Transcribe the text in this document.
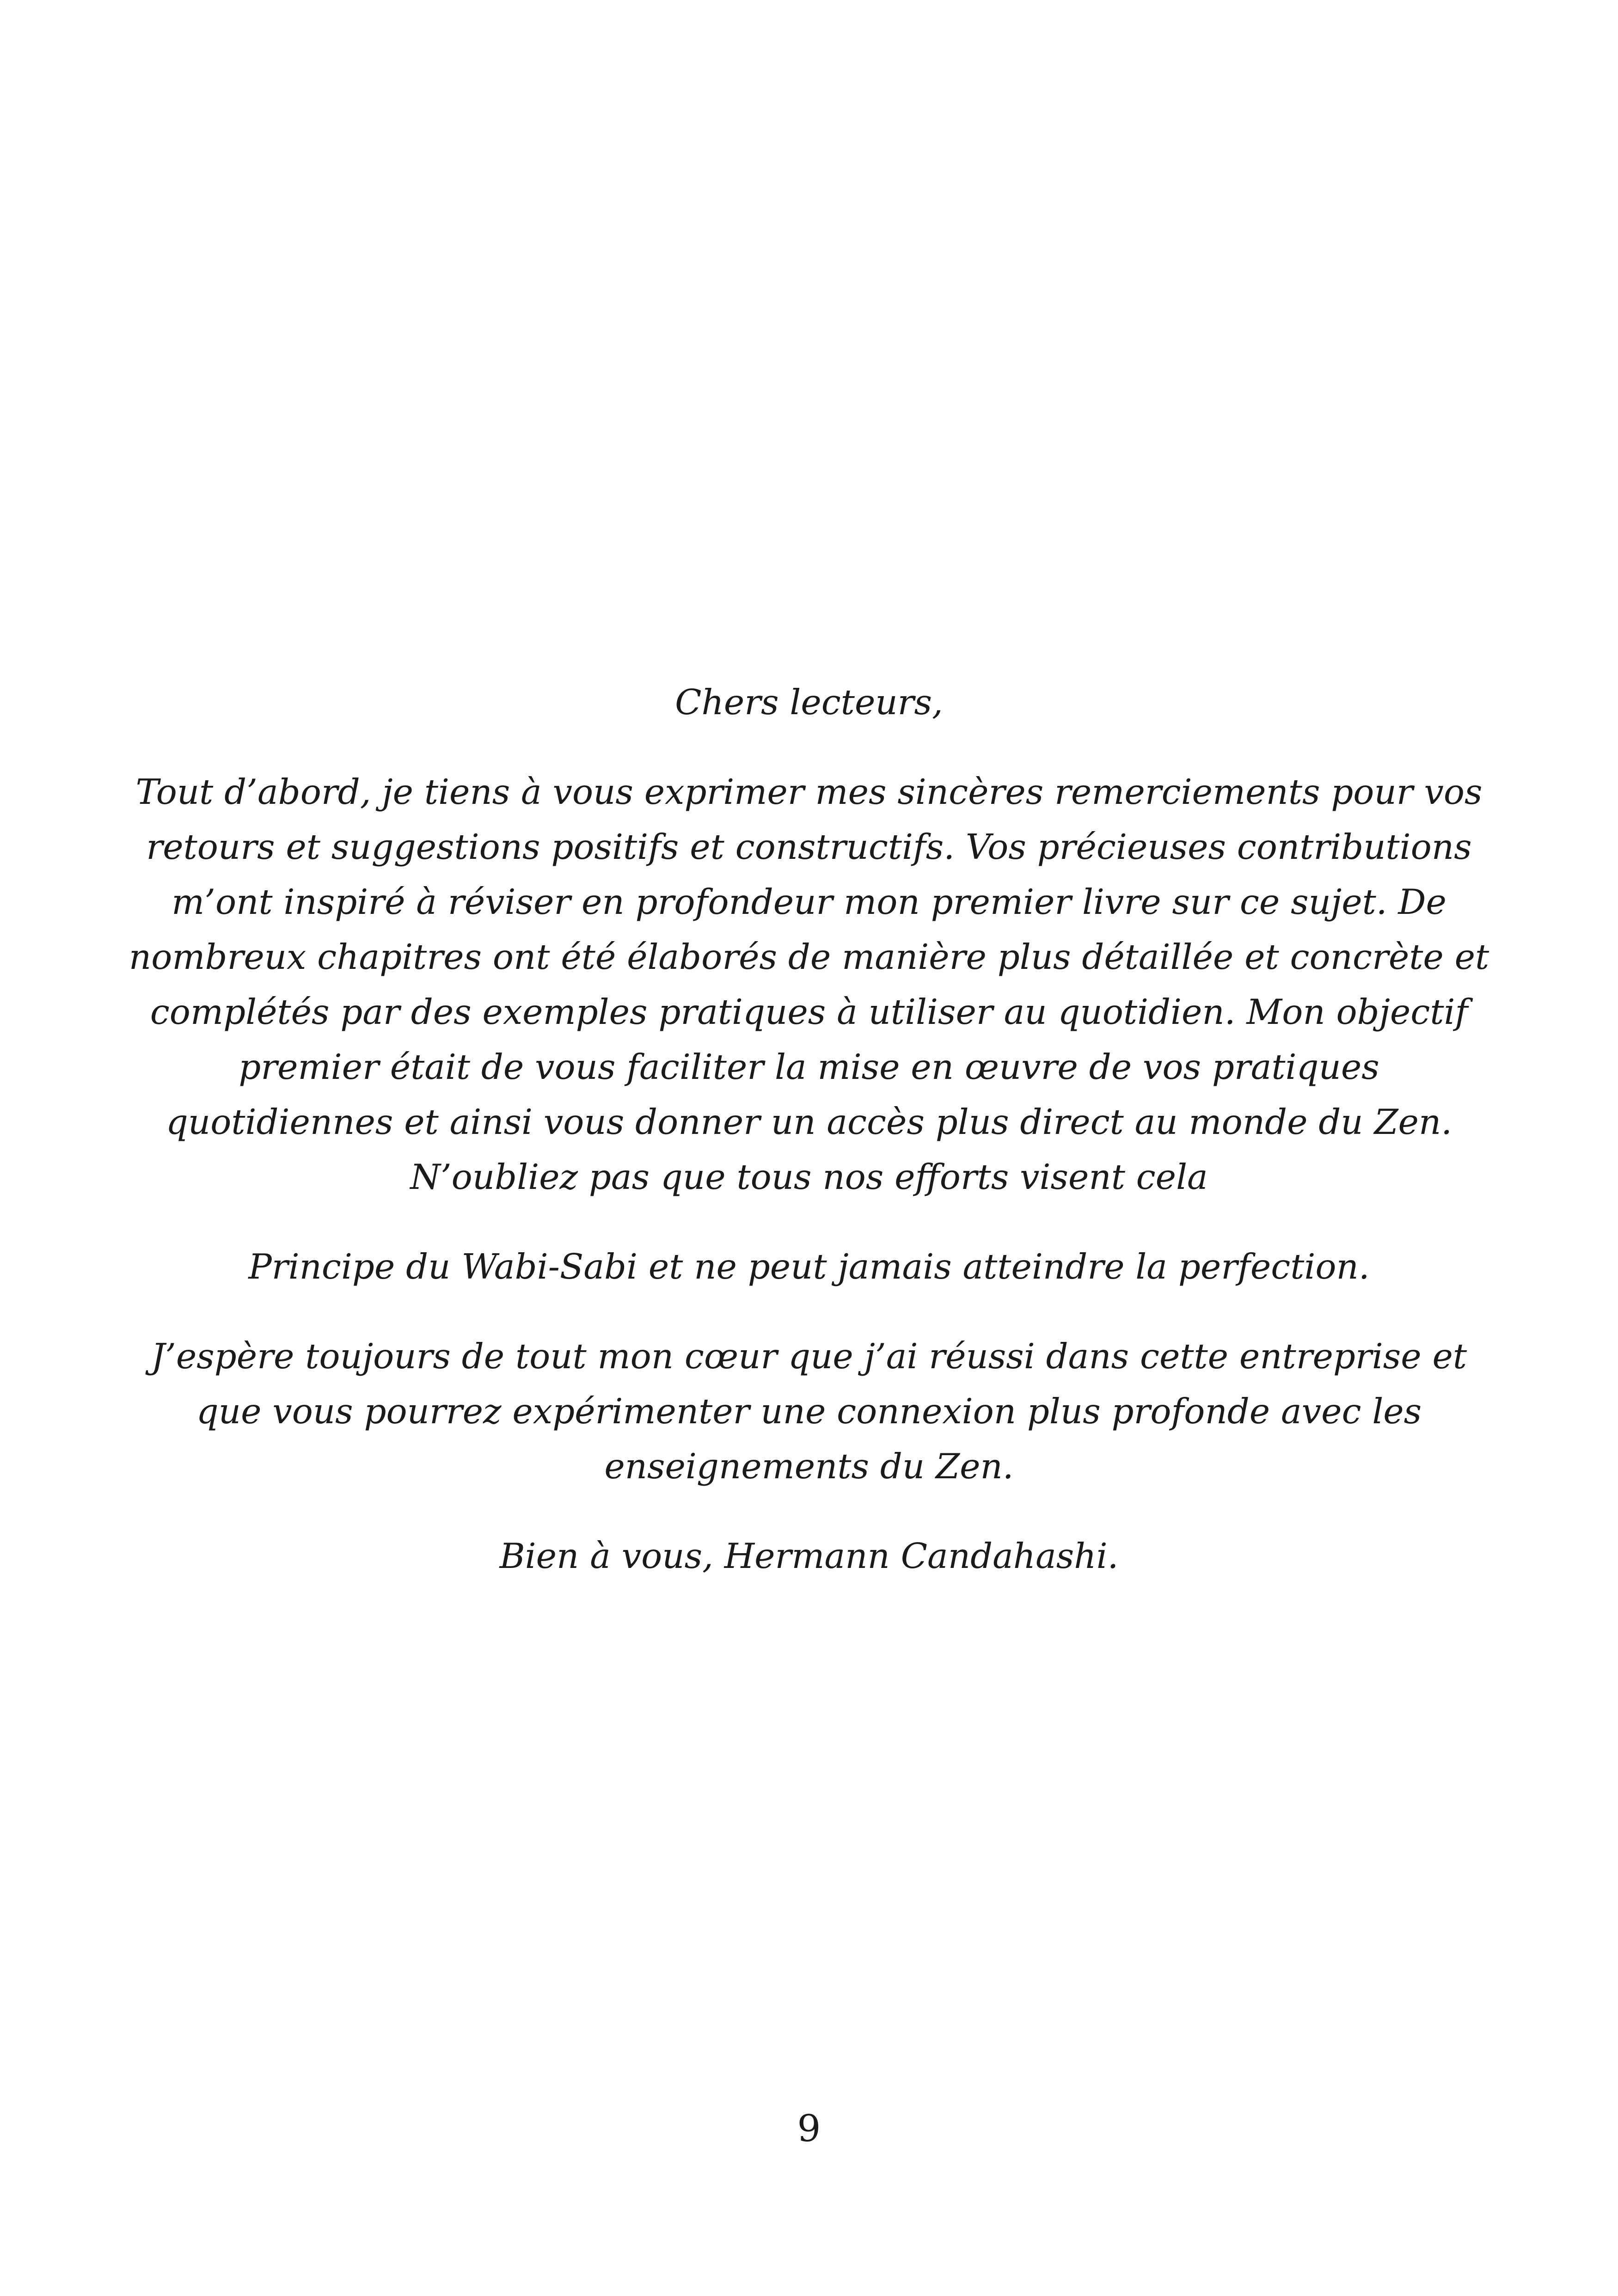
Chers lecteurs,

Tout d’abord, je tiens à vous exprimer mes sincères remerciements pour vos
retours et suggestions positifs et constructifs. Vos précieuses contributions
m’ont inspiré à réviser en profondeur mon premier livre sur ce sujet. De
nombreux chapitres ont été élaborés de manière plus détaillée et concrète et
complétés par des exemples pratiques à utiliser au quotidien. Mon objectif
premier était de vous faciliter la mise en œuvre de vos pratiques
quotidiennes et ainsi vous donner un accès plus direct au monde du Zen.
N’oubliez pas que tous nos efforts visent cela

Principe du Wabi-Sabi et ne peut jamais atteindre la perfection.

J’espère toujours de tout mon cœur que j’ai réussi dans cette entreprise et
que vous pourrez expérimenter une connexion plus profonde avec les
enseignements du Zen.

Bien à vous, Hermann Candahashi.

9
